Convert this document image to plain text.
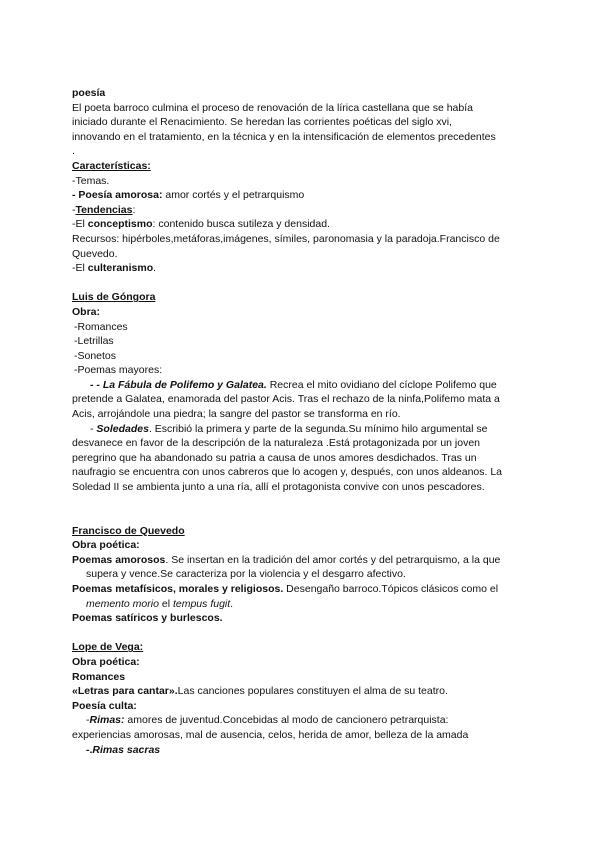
poesía
El poeta barroco culmina el proceso de renovación de la lírica castellana que se había
iniciado durante el Renacimiento. Se heredan las corrientes poéticas del siglo xvi,
innovando en el tratamiento, en la técnica y en la intensificación de elementos precedentes
.
Características:
-Temas.
- Poesía amorosa: amor cortés y el petrarquismo
-Tendencias:
-El conceptismo: contenido busca sutileza y densidad.
Recursos: hipérboles,metáforas,imágenes, símiles, paronomasia y la paradoja.Francisco de
Quevedo.
-El culteranismo.
Luis de Góngora
Obra:
-Romances
-Letrillas
-Sonetos
-Poemas mayores:
- - La Fábula de Polifemo y Galatea. Recrea el mito ovidiano del cíclope Polifemo que
pretende a Galatea, enamorada del pastor Acis. Tras el rechazo de la ninfa,Polifemo mata a
Acis, arrojándole una piedra; la sangre del pastor se transforma en río.
- Soledades. Escribió la primera y parte de la segunda.Su mínimo hilo argumental se
desvanece en favor de la descripción de la naturaleza .Está protagonizada por un joven
peregrino que ha abandonado su patria a causa de unos amores desdichados. Tras un
naufragio se encuentra con unos cabreros que lo acogen y, después, con unos aldeanos. La
Soledad II se ambienta junto a una ría, allí el protagonista convive con unos pescadores.
Francisco de Quevedo
Obra poética:
Poemas amorosos. Se insertan en la tradición del amor cortés y del petrarquismo, a la que
supera y vence.Se caracteriza por la violencia y el desgarro afectivo.
Poemas metafísicos, morales y religiosos. Desengaño barroco.Tópicos clásicos como el
memento morio el tempus fugit.
Poemas satíricos y burlescos.
Lope de Vega:
Obra poética:
Romances
«Letras para cantar».Las canciones populares constituyen el alma de su teatro.
Poesía culta:
-Rimas: amores de juventud.Concebidas al modo de cancionero petrarquista:
experiencias amorosas, mal de ausencia, celos, herida de amor, belleza de la amada
-.Rimas sacras
